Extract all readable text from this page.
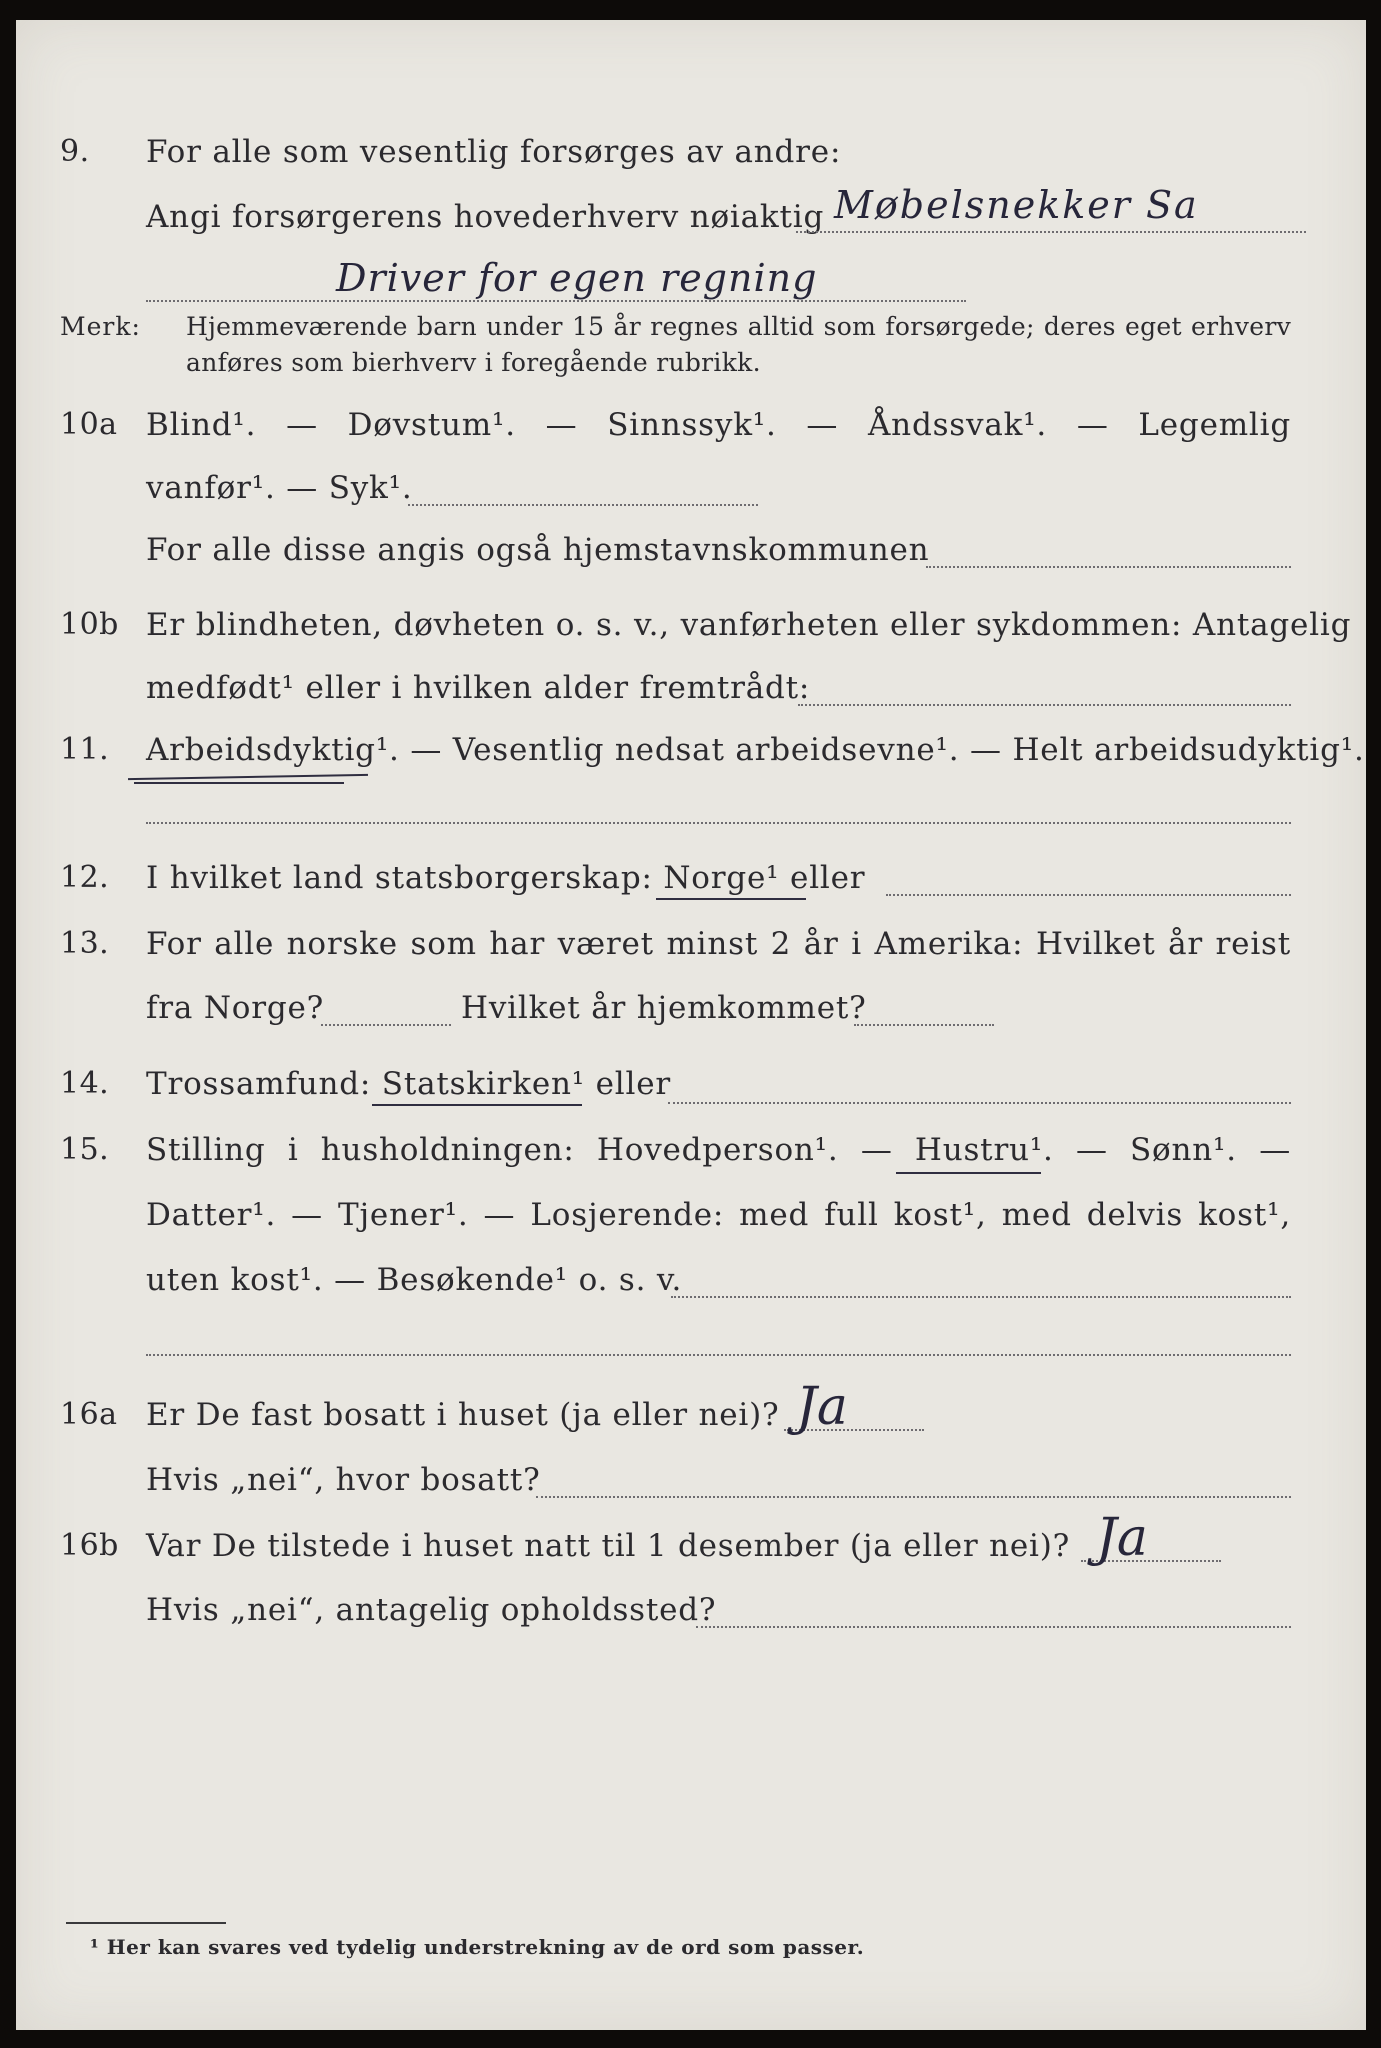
9. For alle som vesentlig forsørges av andre:
Angi forsørgerens hovederhverv nøiaktig Møbelsnekker Sa
Driver for egen regning
Merk: Hjemmeværende barn under 15 år regnes alltid som forsørgede; deres eget erhverv
anføres som bierhverv i foregående rubrikk.
10a Blind¹. — Døvstum¹. — Sinnssyk¹. — Åndssvak¹. — Legemlig
vanfør¹. — Syk¹.
For alle disse angis også hjemstavnskommunen
10b Er blindheten, døvheten o. s. v., vanførheten eller sykdommen: Antagelig
medfødt¹ eller i hvilken alder fremtrådt:
11. Arbeidsdyktig¹. — Vesentlig nedsat arbeidsevne¹. — Helt arbeidsudyktig¹.
12. I hvilket land statsborgerskap: Norge¹ eller
13. For alle norske som har været minst 2 år i Amerika: Hvilket år reist
fra Norge?	Hvilket år hjemkommet?
14. Trossamfund: Statskirken¹ eller
15. Stilling i husholdningen: Hovedperson¹. — Hustru¹. — Sønn¹. —
Datter¹. — Tjener¹. — Losjerende: med full kost¹, med delvis kost¹,
uten kost¹. — Besøkende¹ o. s. v.
16a Er De fast bosatt i huset (ja eller nei)? Ja
Hvis „nei“, hvor bosatt?
16b Var De tilstede i huset natt til 1 desember (ja eller nei)? Ja
Hvis „nei“, antagelig opholdssted?
¹ Her kan svares ved tydelig understrekning av de ord som passer.
